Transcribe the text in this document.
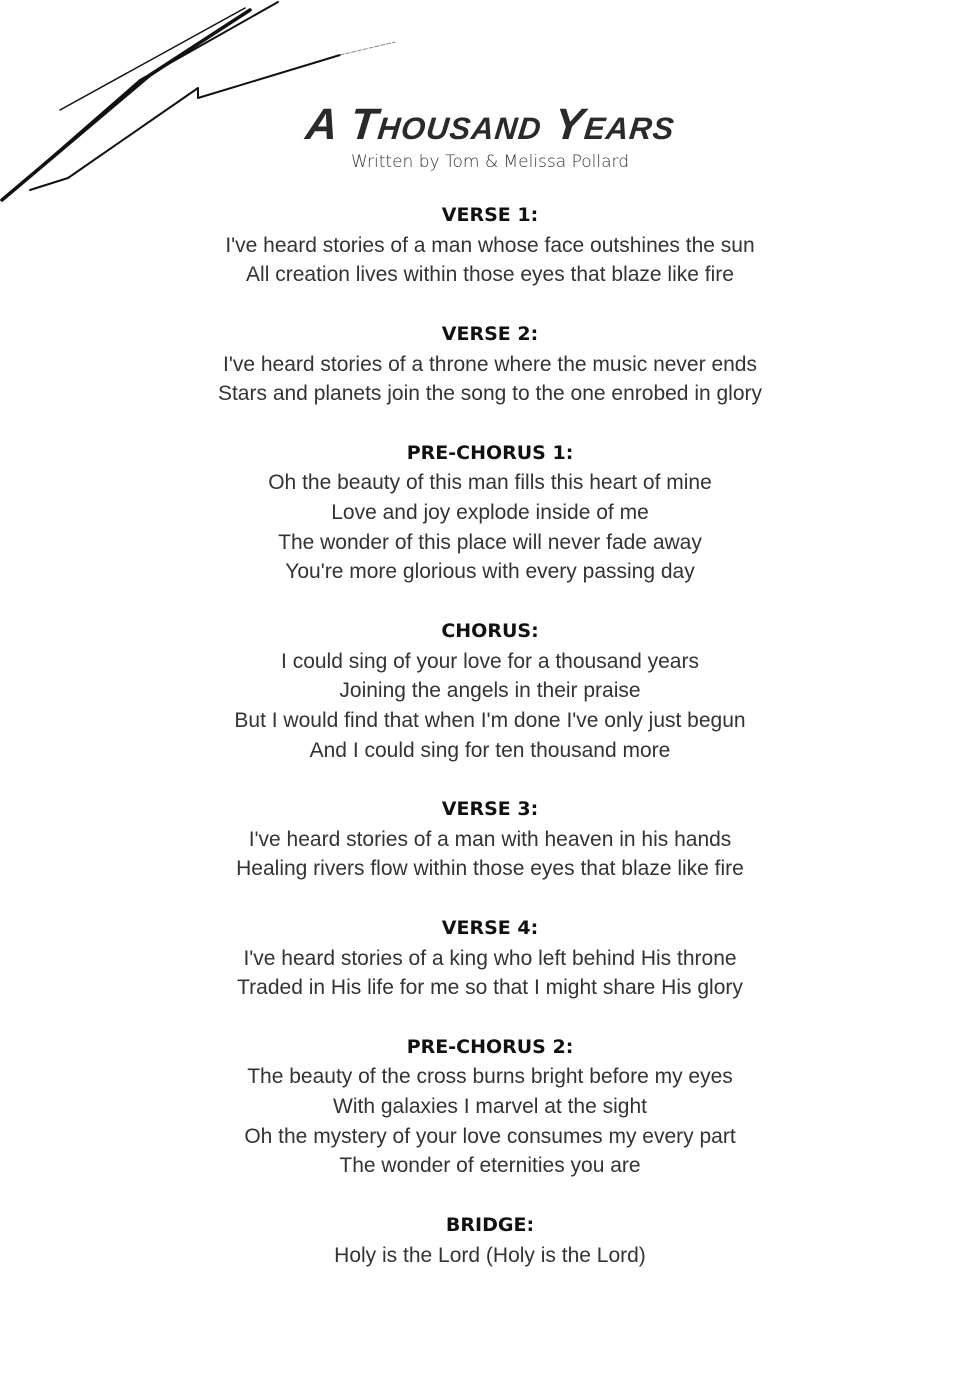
A Thousand Years
Written by Tom & Melissa Pollard
VERSE 1:
I've heard stories of a man whose face outshines the sun
All creation lives within those eyes that blaze like fire
VERSE 2:
I've heard stories of a throne where the music never ends
Stars and planets join the song to the one enrobed in glory
PRE-CHORUS 1:
Oh the beauty of this man fills this heart of mine
Love and joy explode inside of me
The wonder of this place will never fade away
You're more glorious with every passing day
CHORUS:
I could sing of your love for a thousand years
Joining the angels in their praise
But I would find that when I'm done I've only just begun
And I could sing for ten thousand more
VERSE 3:
I've heard stories of a man with heaven in his hands
Healing rivers flow within those eyes that blaze like fire
VERSE 4:
I've heard stories of a king who left behind His throne
Traded in His life for me so that I might share His glory
PRE-CHORUS 2:
The beauty of the cross burns bright before my eyes
With galaxies I marvel at the sight
Oh the mystery of your love consumes my every part
The wonder of eternities you are
BRIDGE:
Holy is the Lord (Holy is the Lord)
